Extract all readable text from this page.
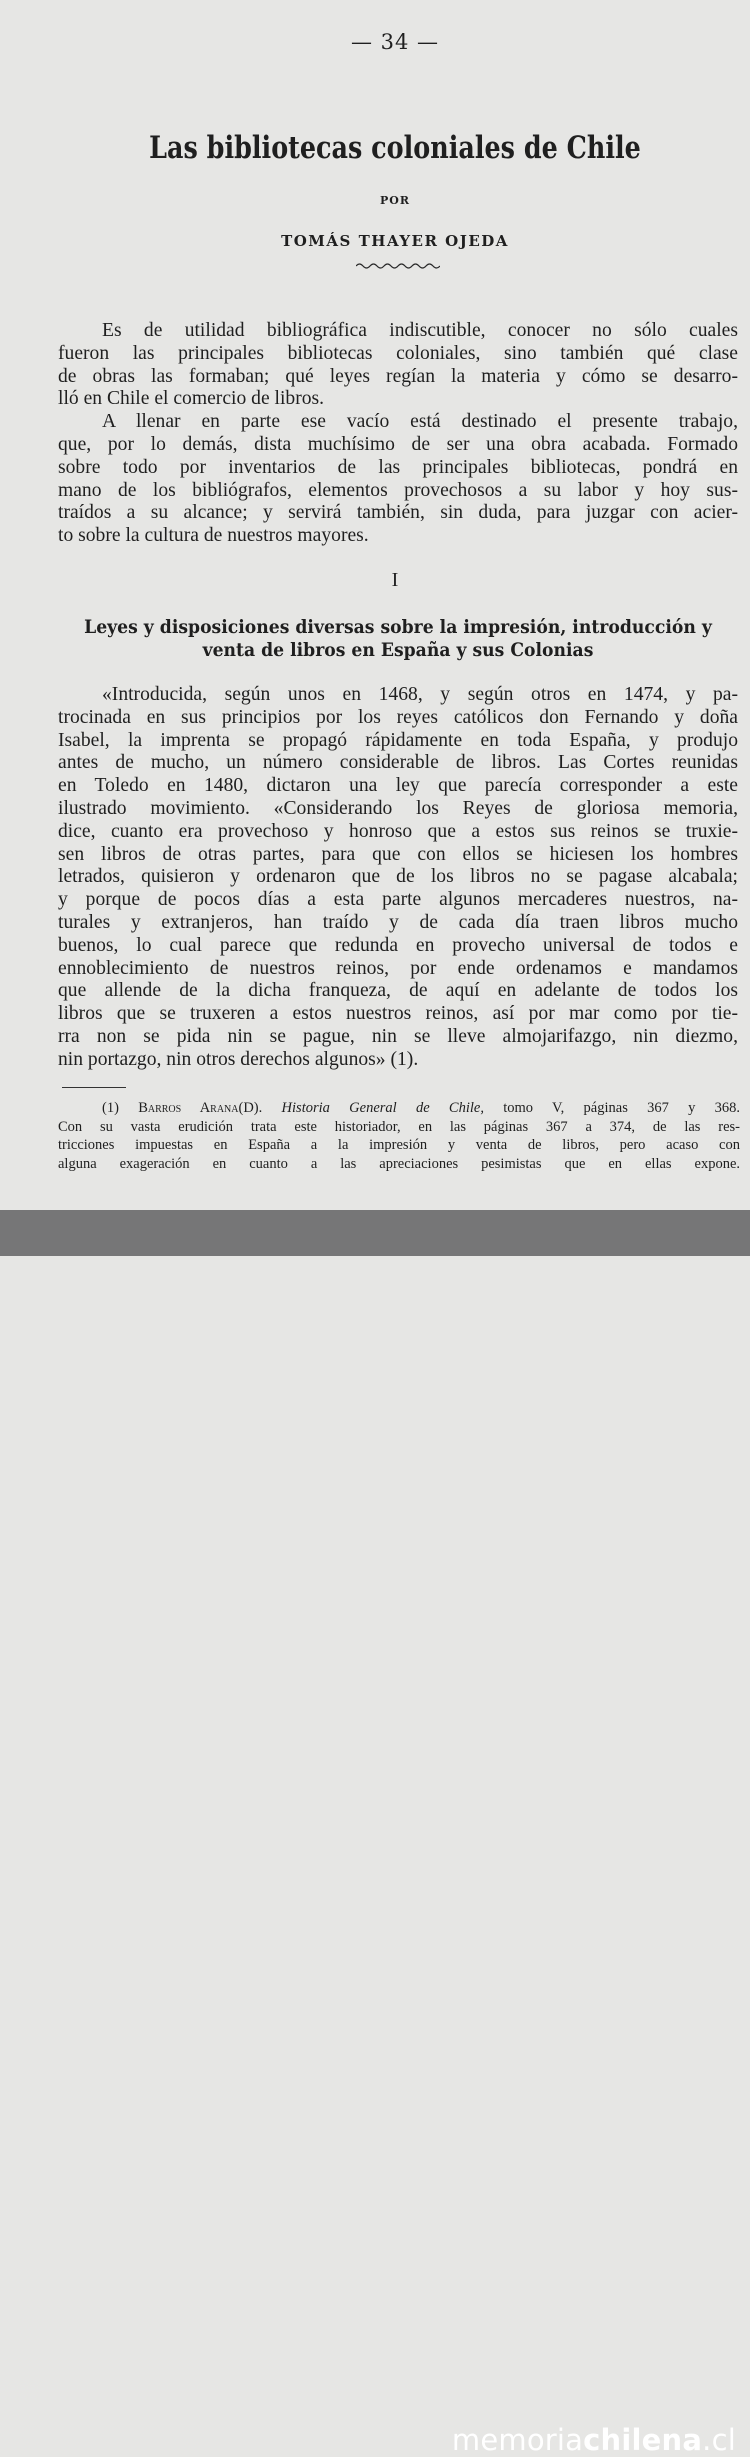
— 34 —
Las bibliotecas coloniales de Chile
POR
TOMÁS THAYER OJEDA
Es de utilidad bibliográfica indiscutible, conocer no sólo cuales
fueron las principales bibliotecas coloniales, sino también qué clase
de obras las formaban; qué leyes regían la materia y cómo se desarro-
lló en Chile el comercio de libros.
A llenar en parte ese vacío está destinado el presente trabajo,
que, por lo demás, dista muchísimo de ser una obra acabada. Formado
sobre todo por inventarios de las principales bibliotecas, pondrá en
mano de los bibliógrafos, elementos provechosos a su labor y hoy sus-
traídos a su alcance; y servirá también, sin duda, para juzgar con acier-
to sobre la cultura de nuestros mayores.
I
Leyes y disposiciones diversas sobre la impresión, introducción y
venta de libros en España y sus Colonias
«Introducida, según unos en 1468, y según otros en 1474, y pa-
trocinada en sus principios por los reyes católicos don Fernando y doña
Isabel, la imprenta se propagó rápidamente en toda España, y produjo
antes de mucho, un número considerable de libros. Las Cortes reunidas
en Toledo en 1480, dictaron una ley que parecía corresponder a este
ilustrado movimiento. «Considerando los Reyes de gloriosa memoria,
dice, cuanto era provechoso y honroso que a estos sus reinos se truxie-
sen libros de otras partes, para que con ellos se hiciesen los hombres
letrados, quisieron y ordenaron que de los libros no se pagase alcabala;
y porque de pocos días a esta parte algunos mercaderes nuestros, na-
turales y extranjeros, han traído y de cada día traen libros mucho
buenos, lo cual parece que redunda en provecho universal de todos e
ennoblecimiento de nuestros reinos, por ende ordenamos e mandamos
que allende de la dicha franqueza, de aquí en adelante de todos los
libros que se truxeren a estos nuestros reinos, así por mar como por tie-
rra non se pida nin se pague, nin se lleve almojarifazgo, nin diezmo,
nin portazgo, nin otros derechos algunos» (1).
(1) Barros Arana(D). Historia General de Chile, tomo V, páginas 367 y 368.
Con su vasta erudición trata este historiador, en las páginas 367 a 374, de las res-
tricciones impuestas en España a la impresión y venta de libros, pero acaso con
alguna exageración en cuanto a las apreciaciones pesimistas que en ellas expone.
memoriachilena.cl
